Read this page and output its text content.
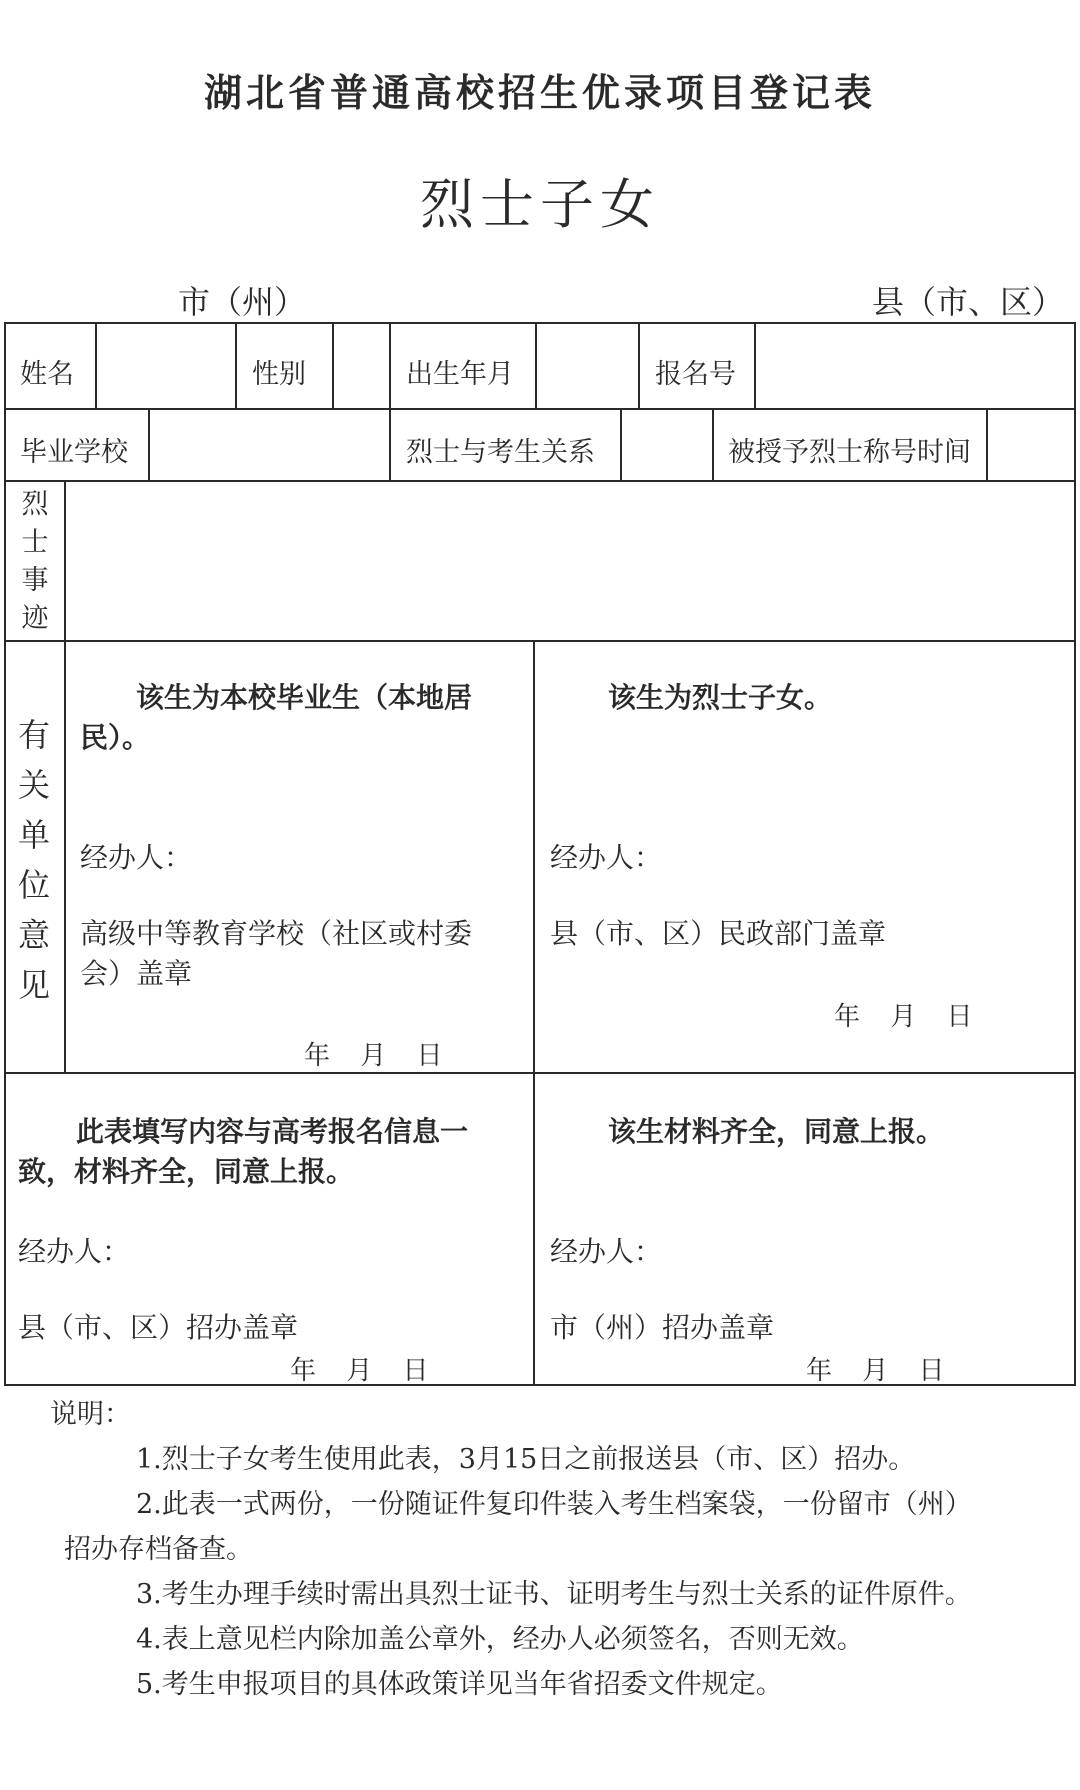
湖北省普通高校招生优录项目登记表
烈士子女
市（州）	县（市、区）
姓名	性别	出生年月	报名号
毕业学校	烈士与考生关系	被授予烈士称号时间
烈
士
事
迹
有
关
单
位
意
见
该生为本校毕业生（本地居
民）。
经办人：
高级中等教育学校（社区或村委
会）盖章
年 月 日
该生为烈士子女。
经办人：
县（市、区）民政部门盖章
年 月 日
此表填写内容与高考报名信息一
致，材料齐全，同意上报。
经办人：
县（市、区）招办盖章
年 月 日
该生材料齐全，同意上报。
经办人：
市（州）招办盖章
年 月 日
说明：
1.烈士子女考生使用此表，3月15日之前报送县（市、区）招办。
2.此表一式两份，一份随证件复印件装入考生档案袋，一份留市（州）
招办存档备查。
3.考生办理手续时需出具烈士证书、证明考生与烈士关系的证件原件。
4.表上意见栏内除加盖公章外，经办人必须签名，否则无效。
5.考生申报项目的具体政策详见当年省招委文件规定。
